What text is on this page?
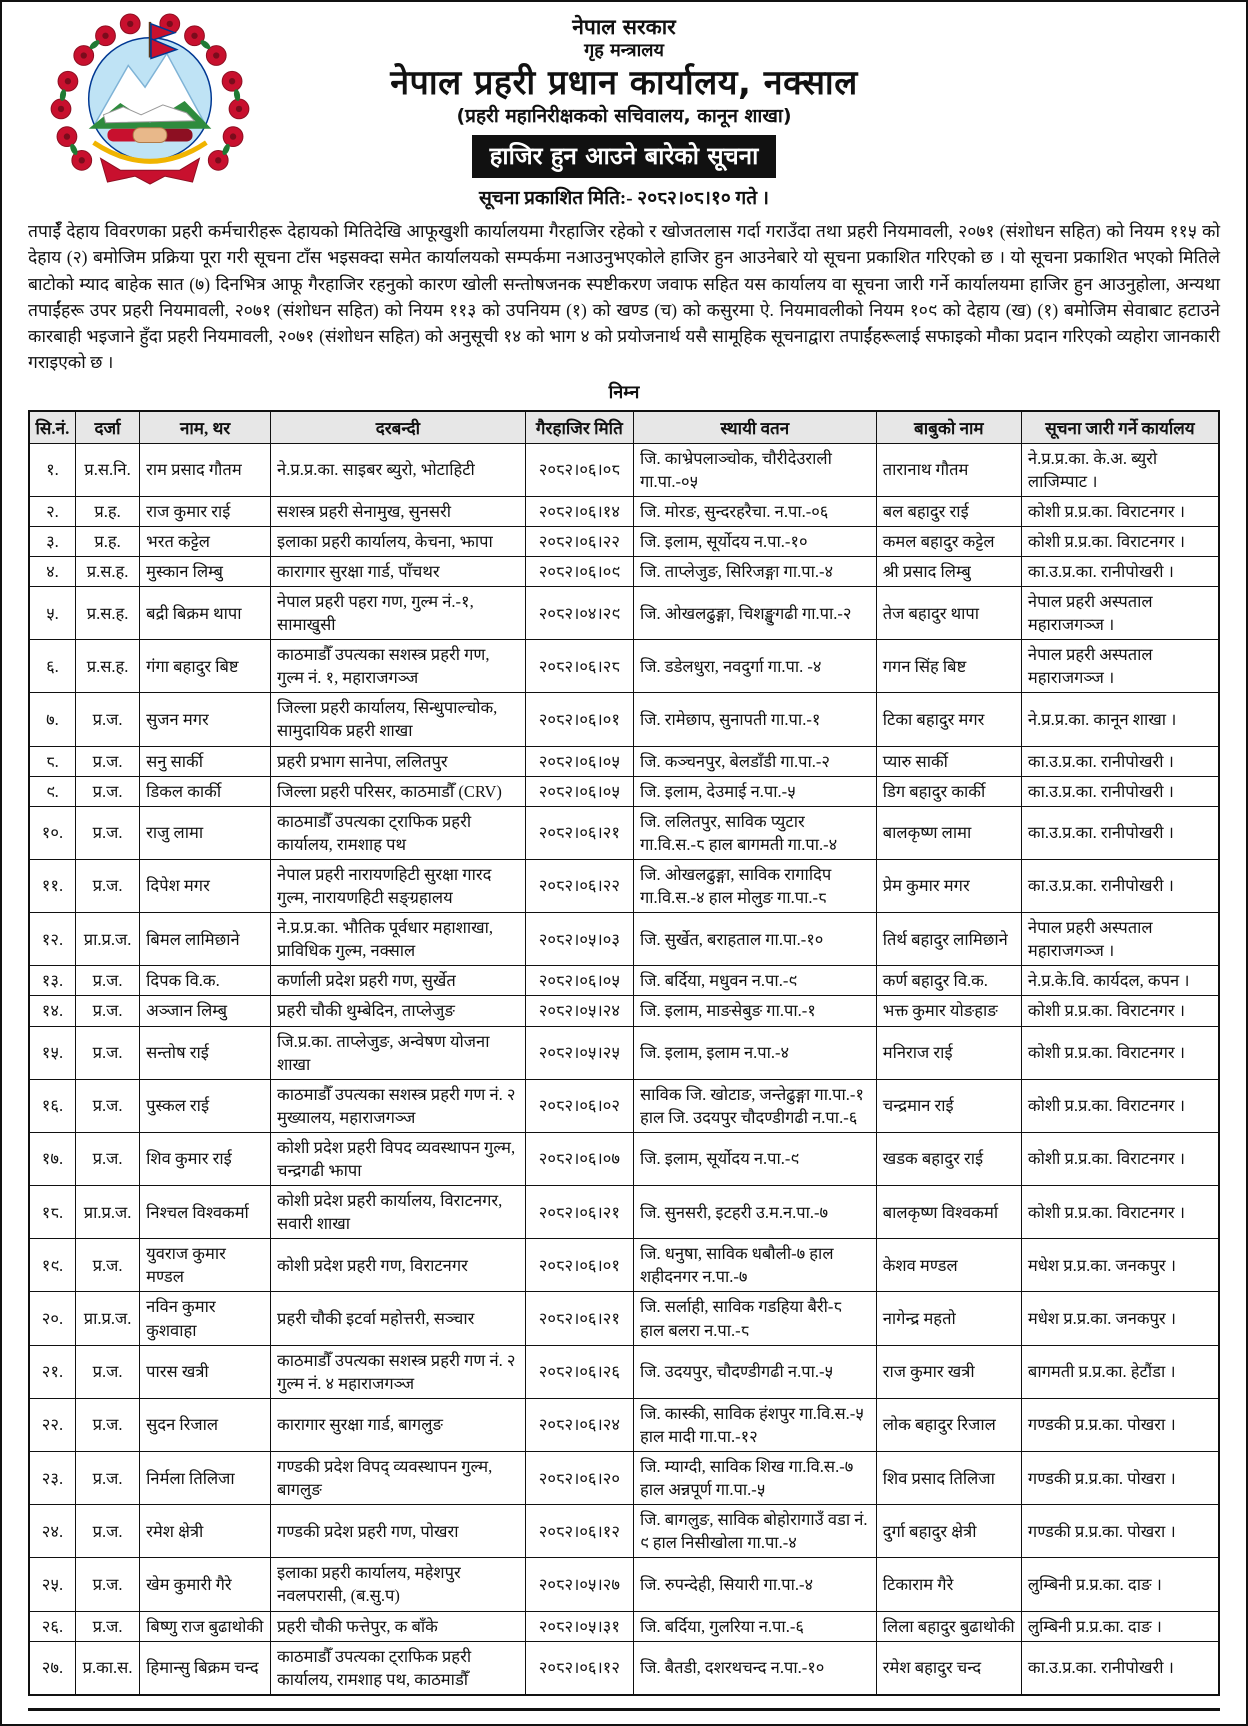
नेपाल सरकार
गृह मन्त्रालय
नेपाल प्रहरी प्रधान कार्यालय, नक्साल
(प्रहरी महानिरीक्षकको सचिवालय, कानून शाखा)
हाजिर हुन आउने बारेको सूचना
सूचना प्रकाशित मिति:- २०८२।०८।१० गते ।

तपाईँ देहाय विवरणका प्रहरी कर्मचारीहरू देहायको मितिदेखि आफूखुशी कार्यालयमा गैरहाजिर रहेको र खोजतलास गर्दा गराउँदा तथा प्रहरी नियमावली, २०७१ (संशोधन सहित) को नियम ११५ को देहाय (२) बमोजिम प्रक्रिया पूरा गरी सूचना टाँस भइसक्दा समेत कार्यालयको सम्पर्कमा नआउनुभएकोले हाजिर हुन आउनेबारे यो सूचना प्रकाशित गरिएको छ । यो सूचना प्रकाशित भएको मितिले बाटोको म्याद बाहेक सात (७) दिनभित्र आफू गैरहाजिर रहनुको कारण खोली सन्तोषजनक स्पष्टीकरण जवाफ सहित यस कार्यालय वा सूचना जारी गर्ने कार्यालयमा हाजिर हुन आउनुहोला, अन्यथा तपाईंहरू उपर प्रहरी नियमावली, २०७१ (संशोधन सहित) को नियम ११३ को उपनियम (१) को खण्ड (च) को कसुरमा ऐ. नियमावलीको नियम १०९ को देहाय (ख) (१) बमोजिम सेवाबाट हटाउने कारबाही भइजाने हुँदा प्रहरी नियमावली, २०७१ (संशोधन सहित) को अनुसूची १४ को भाग ४ को प्रयोजनार्थ यसै सामूहिक सूचनाद्वारा तपाईंहरूलाई सफाइको मौका प्रदान गरिएको व्यहोरा जानकारी गराइएको छ ।

निम्न
सि.नं.	दर्जा	नाम, थर	दरबन्दी	गैरहाजिर मिति	स्थायी वतन	बाबुको नाम	सूचना जारी गर्ने कार्यालय
१.	प्र.स.नि.	राम प्रसाद गौतम	ने.प्र.प्र.का. साइबर ब्युरो, भोटाहिटी	२०८२।०६।०८	जि. काभ्रेपलाञ्चोक, चौरीदेउराली गा.पा.-०५	तारानाथ गौतम	ने.प्र.प्र.का. के.अ. ब्युरो लाजिम्पाट ।
२.	प्र.ह.	राज कुमार राई	सशस्त्र प्रहरी सेनामुख, सुनसरी	२०८२।०६।१४	जि. मोरङ, सुन्दरहरैचा. न.पा.-०६	बल बहादुर राई	कोशी प्र.प्र.का. विराटनगर ।
३.	प्र.ह.	भरत कट्टेल	इलाका प्रहरी कार्यालय, केचना, झापा	२०८२।०६।२२	जि. इलाम, सूर्योदय न.पा.-१०	कमल बहादुर कट्टेल	कोशी प्र.प्र.का. विराटनगर ।
४.	प्र.स.ह.	मुस्कान लिम्बु	कारागार सुरक्षा गार्ड, पाँचथर	२०८२।०६।०९	जि. ताप्लेजुङ, सिरिजङ्गा गा.पा.-४	श्री प्रसाद लिम्बु	का.उ.प्र.का. रानीपोखरी ।
५.	प्र.स.ह.	बद्री बिक्रम थापा	नेपाल प्रहरी पहरा गण, गुल्म नं.-१, सामाखुसी	२०८२।०४।२९	जि. ओखलढुङ्गा, चिशङ्खुगढी गा.पा.-२	तेज बहादुर थापा	नेपाल प्रहरी अस्पताल महाराजगञ्ज ।
६.	प्र.स.ह.	गंगा बहादुर बिष्ट	काठमाडौँ उपत्यका सशस्त्र प्रहरी गण, गुल्म नं. १, महाराजगञ्ज	२०८२।०६।२८	जि. डडेलधुरा, नवदुर्गा गा.पा. -४	गगन सिंह बिष्ट	नेपाल प्रहरी अस्पताल महाराजगञ्ज ।
७.	प्र.ज.	सुजन मगर	जिल्ला प्रहरी कार्यालय, सिन्धुपाल्चोक, सामुदायिक प्रहरी शाखा	२०८२।०६।०१	जि. रामेछाप, सुनापती गा.पा.-१	टिका बहादुर मगर	ने.प्र.प्र.का. कानून शाखा ।
८.	प्र.ज.	सनु सार्की	प्रहरी प्रभाग सानेपा, ललितपुर	२०८२।०६।०५	जि. कञ्चनपुर, बेलडाँडी गा.पा.-२	प्यारु सार्की	का.उ.प्र.का. रानीपोखरी ।
९.	प्र.ज.	डिकल कार्की	जिल्ला प्रहरी परिसर, काठमाडौँ (CRV)	२०८२।०६।०५	जि. इलाम, देउमाई न.पा.-५	डिग बहादुर कार्की	का.उ.प्र.का. रानीपोखरी ।
१०.	प्र.ज.	राजु लामा	काठमाडौँ उपत्यका ट्राफिक प्रहरी कार्यालय, रामशाह पथ	२०८२।०६।२१	जि. ललितपुर, साविक प्युटार गा.वि.स.-८ हाल बागमती गा.पा.-४	बालकृष्ण लामा	का.उ.प्र.का. रानीपोखरी ।
११.	प्र.ज.	दिपेश मगर	नेपाल प्रहरी नारायणहिटी सुरक्षा गारद गुल्म, नारायणहिटी सङ्ग्रहालय	२०८२।०६।२२	जि. ओखलढुङ्गा, साविक रागादिप गा.वि.स.-४ हाल मोलुङ गा.पा.-८	प्रेम कुमार मगर	का.उ.प्र.का. रानीपोखरी ।
१२.	प्रा.प्र.ज.	बिमल लामिछाने	ने.प्र.प्र.का. भौतिक पूर्वधार महाशाखा, प्राविधिक गुल्म, नक्साल	२०८२।०५।०३	जि. सुर्खेत, बराहताल गा.पा.-१०	तिर्थ बहादुर लामिछाने	नेपाल प्रहरी अस्पताल महाराजगञ्ज ।
१३.	प्र.ज.	दिपक वि.क.	कर्णाली प्रदेश प्रहरी गण, सुर्खेत	२०८२।०६।०५	जि. बर्दिया, मधुवन न.पा.-९	कर्ण बहादुर वि.क.	ने.प्र.के.वि. कार्यदल, कपन ।
१४.	प्र.ज.	अञ्जान लिम्बु	प्रहरी चौकी थुम्बेदिन, ताप्लेजुङ	२०८२।०५।२४	जि. इलाम, माङसेबुङ गा.पा.-१	भक्त कुमार योङहाङ	कोशी प्र.प्र.का. विराटनगर ।
१५.	प्र.ज.	सन्तोष राई	जि.प्र.का. ताप्लेजुङ, अन्वेषण योजना शाखा	२०८२।०५।२५	जि. इलाम, इलाम न.पा.-४	मनिराज राई	कोशी प्र.प्र.का. विराटनगर ।
१६.	प्र.ज.	पुस्कल राई	काठमाडौँ उपत्यका सशस्त्र प्रहरी गण नं. २ मुख्यालय, महाराजगञ्ज	२०८२।०६।०२	साविक जि. खोटाङ, जन्तेढुङ्गा गा.पा.-१ हाल जि. उदयपुर चौदण्डीगढी न.पा.-६	चन्द्रमान राई	कोशी प्र.प्र.का. विराटनगर ।
१७.	प्र.ज.	शिव कुमार राई	कोशी प्रदेश प्रहरी विपद व्यवस्थापन गुल्म, चन्द्रगढी झापा	२०८२।०६।०७	जि. इलाम, सूर्योदय न.पा.-९	खडक बहादुर राई	कोशी प्र.प्र.का. विराटनगर ।
१८.	प्रा.प्र.ज.	निश्चल विश्वकर्मा	कोशी प्रदेश प्रहरी कार्यालय, विराटनगर, सवारी शाखा	२०८२।०६।२१	जि. सुनसरी, इटहरी उ.म.न.पा.-७	बालकृष्ण विश्वकर्मा	कोशी प्र.प्र.का. विराटनगर ।
१९.	प्र.ज.	युवराज कुमार मण्डल	कोशी प्रदेश प्रहरी गण, विराटनगर	२०८२।०६।०१	जि. धनुषा, साविक धबौली-७ हाल शहीदनगर न.पा.-७	केशव मण्डल	मधेश प्र.प्र.का. जनकपुर ।
२०.	प्रा.प्र.ज.	नविन कुमार कुशवाहा	प्रहरी चौकी इटर्वा महोत्तरी, सञ्चार	२०८२।०६।२१	जि. सर्लाही, साविक गडहिया बैरी-८ हाल बलरा न.पा.-८	नागेन्द्र महतो	मधेश प्र.प्र.का. जनकपुर ।
२१.	प्र.ज.	पारस खत्री	काठमाडौँ उपत्यका सशस्त्र प्रहरी गण नं. २ गुल्म नं. ४ महाराजगञ्ज	२०८२।०६।२६	जि. उदयपुर, चौदण्डीगढी न.पा.-५	राज कुमार खत्री	बागमती प्र.प्र.का. हेटौंडा ।
२२.	प्र.ज.	सुदन रिजाल	कारागार सुरक्षा गार्ड, बागलुङ	२०८२।०६।२४	जि. कास्की, साविक हंशपुर गा.वि.स.-५ हाल मादी गा.पा.-१२	लोक बहादुर रिजाल	गण्डकी प्र.प्र.का. पोखरा ।
२३.	प्र.ज.	निर्मला तिलिजा	गण्डकी प्रदेश विपद् व्यवस्थापन गुल्म, बागलुङ	२०८२।०६।२०	जि. म्याग्दी, साविक शिख गा.वि.स.-७ हाल अन्नपूर्ण गा.पा.-५	शिव प्रसाद तिलिजा	गण्डकी प्र.प्र.का. पोखरा ।
२४.	प्र.ज.	रमेश क्षेत्री	गण्डकी प्रदेश प्रहरी गण, पोखरा	२०८२।०६।१२	जि. बागलुङ, साविक बोहोरागाउँ वडा नं. ९ हाल निसीखोला गा.पा.-४	दुर्गा बहादुर क्षेत्री	गण्डकी प्र.प्र.का. पोखरा ।
२५.	प्र.ज.	खेम कुमारी गैरे	इलाका प्रहरी कार्यालय, महेशपुर नवलपरासी, (ब.सु.प)	२०८२।०५।२७	जि. रुपन्देही, सियारी गा.पा.-४	टिकाराम गैरे	लुम्बिनी प्र.प्र.का. दाङ ।
२६.	प्र.ज.	बिष्णु राज बुढाथोकी	प्रहरी चौकी फत्तेपुर, क बाँके	२०८२।०५।३१	जि. बर्दिया, गुलरिया न.पा.-६	लिला बहादुर बुढाथोकी	लुम्बिनी प्र.प्र.का. दाङ ।
२७.	प्र.का.स.	हिमान्सु बिक्रम चन्द	काठमाडौँ उपत्यका ट्राफिक प्रहरी कार्यालय, रामशाह पथ, काठमाडौँ	२०८२।०६।१२	जि. बैतडी, दशरथचन्द न.पा.-१०	रमेश बहादुर चन्द	का.उ.प्र.का. रानीपोखरी ।
